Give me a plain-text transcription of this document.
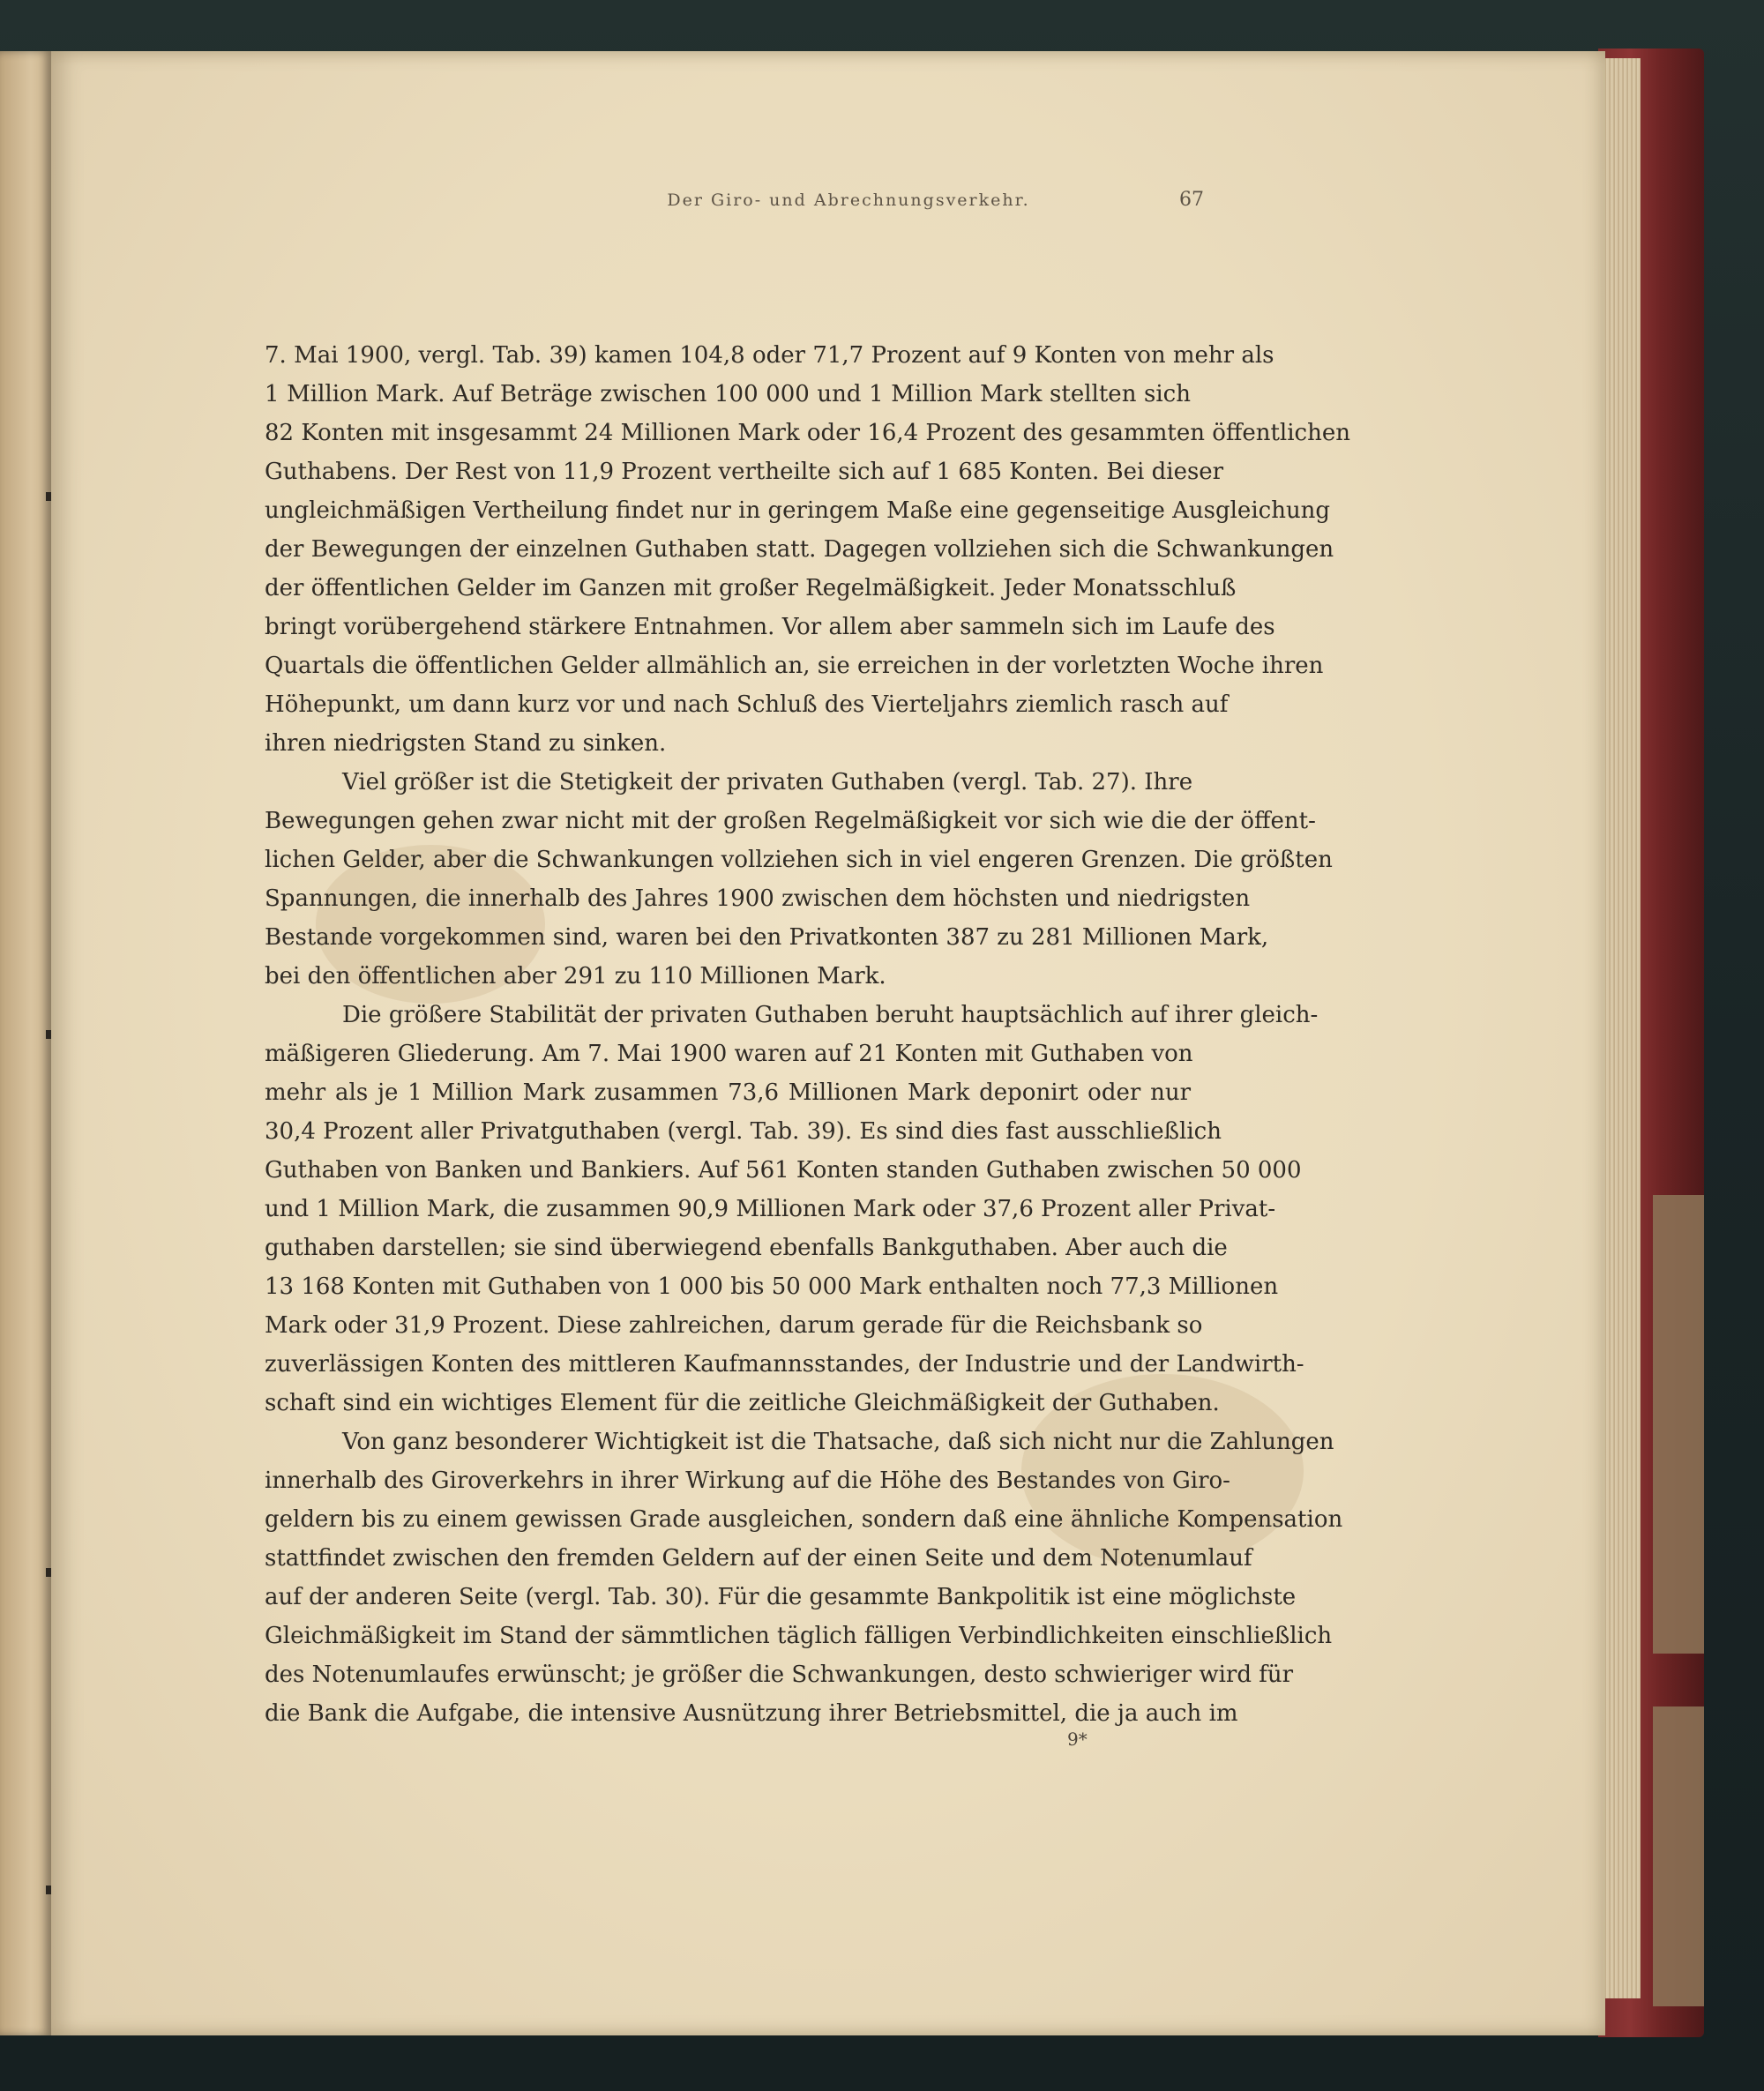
Der Giro- und Abrechnungsverkehr.	67
7. Mai 1900, vergl. Tab. 39) kamen 104,8 oder 71,7 Prozent auf 9 Konten von mehr als
1 Million Mark. Auf Beträge zwischen 100 000 und 1 Million Mark stellten sich
82 Konten mit insgesammt 24 Millionen Mark oder 16,4 Prozent des gesammten öffentlichen
Guthabens. Der Rest von 11,9 Prozent vertheilte sich auf 1 685 Konten. Bei dieser
ungleichmäßigen Vertheilung findet nur in geringem Maße eine gegenseitige Ausgleichung
der Bewegungen der einzelnen Guthaben statt. Dagegen vollziehen sich die Schwankungen
der öffentlichen Gelder im Ganzen mit großer Regelmäßigkeit. Jeder Monatsschluß
bringt vorübergehend stärkere Entnahmen. Vor allem aber sammeln sich im Laufe des
Quartals die öffentlichen Gelder allmählich an, sie erreichen in der vorletzten Woche ihren
Höhepunkt, um dann kurz vor und nach Schluß des Vierteljahrs ziemlich rasch auf
ihren niedrigsten Stand zu sinken.
Viel größer ist die Stetigkeit der privaten Guthaben (vergl. Tab. 27). Ihre
Bewegungen gehen zwar nicht mit der großen Regelmäßigkeit vor sich wie die der öffent-
lichen Gelder, aber die Schwankungen vollziehen sich in viel engeren Grenzen. Die größten
Spannungen, die innerhalb des Jahres 1900 zwischen dem höchsten und niedrigsten
Bestande vorgekommen sind, waren bei den Privatkonten 387 zu 281 Millionen Mark,
bei den öffentlichen aber 291 zu 110 Millionen Mark.
Die größere Stabilität der privaten Guthaben beruht hauptsächlich auf ihrer gleich-
mäßigeren Gliederung. Am 7. Mai 1900 waren auf 21 Konten mit Guthaben von
mehr als je 1 Million Mark zusammen 73,6 Millionen Mark deponirt oder nur
30,4 Prozent aller Privatguthaben (vergl. Tab. 39). Es sind dies fast ausschließlich
Guthaben von Banken und Bankiers. Auf 561 Konten standen Guthaben zwischen 50 000
und 1 Million Mark, die zusammen 90,9 Millionen Mark oder 37,6 Prozent aller Privat-
guthaben darstellen; sie sind überwiegend ebenfalls Bankguthaben. Aber auch die
13 168 Konten mit Guthaben von 1 000 bis 50 000 Mark enthalten noch 77,3 Millionen
Mark oder 31,9 Prozent. Diese zahlreichen, darum gerade für die Reichsbank so
zuverlässigen Konten des mittleren Kaufmannsstandes, der Industrie und der Landwirth-
schaft sind ein wichtiges Element für die zeitliche Gleichmäßigkeit der Guthaben.
Von ganz besonderer Wichtigkeit ist die Thatsache, daß sich nicht nur die Zahlungen
innerhalb des Giroverkehrs in ihrer Wirkung auf die Höhe des Bestandes von Giro-
geldern bis zu einem gewissen Grade ausgleichen, sondern daß eine ähnliche Kompensation
stattfindet zwischen den fremden Geldern auf der einen Seite und dem Notenumlauf
auf der anderen Seite (vergl. Tab. 30). Für die gesammte Bankpolitik ist eine möglichste
Gleichmäßigkeit im Stand der sämmtlichen täglich fälligen Verbindlichkeiten einschließlich
des Notenumlaufes erwünscht; je größer die Schwankungen, desto schwieriger wird für
die Bank die Aufgabe, die intensive Ausnützung ihrer Betriebsmittel, die ja auch im
9*
